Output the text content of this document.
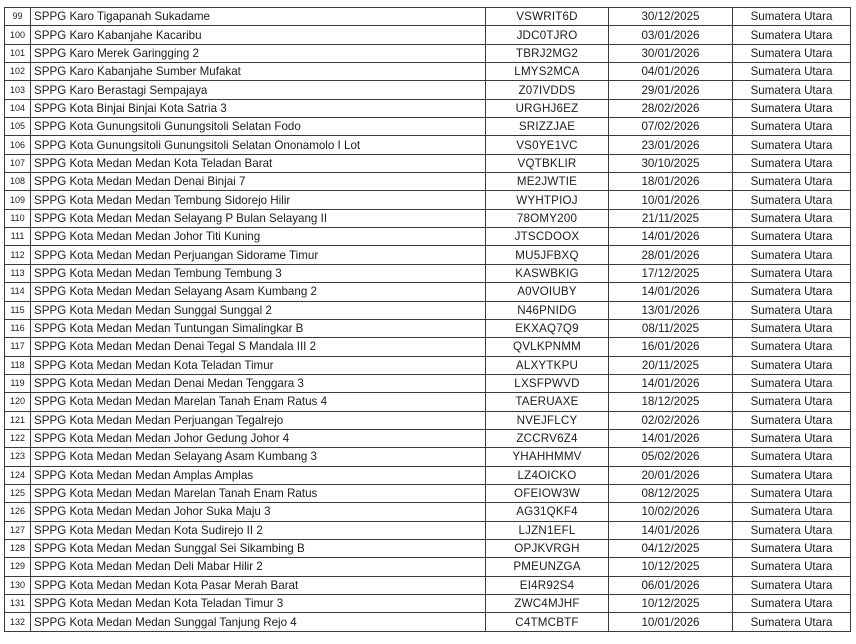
99	SPPG Karo Tigapanah Sukadame	VSWRIT6D	30/12/2025	Sumatera Utara
100	SPPG Karo Kabanjahe Kacaribu	JDC0TJRO	03/01/2026	Sumatera Utara
101	SPPG Karo Merek Garingging 2	TBRJ2MG2	30/01/2026	Sumatera Utara
102	SPPG Karo Kabanjahe Sumber Mufakat	LMYS2MCA	04/01/2026	Sumatera Utara
103	SPPG Karo Berastagi Sempajaya	Z07IVDDS	29/01/2026	Sumatera Utara
104	SPPG Kota Binjai Binjai Kota Satria 3	URGHJ6EZ	28/02/2026	Sumatera Utara
105	SPPG Kota Gunungsitoli Gunungsitoli Selatan Fodo	SRIZZJAE	07/02/2026	Sumatera Utara
106	SPPG Kota Gunungsitoli Gunungsitoli Selatan Ononamolo I Lot	VS0YE1VC	23/01/2026	Sumatera Utara
107	SPPG Kota Medan Medan Kota Teladan Barat	VQTBKLIR	30/10/2025	Sumatera Utara
108	SPPG Kota Medan Medan Denai Binjai 7	ME2JWTIE	18/01/2026	Sumatera Utara
109	SPPG Kota Medan Medan Tembung Sidorejo Hilir	WYHTPIOJ	10/01/2026	Sumatera Utara
110	SPPG Kota Medan Medan Selayang P Bulan Selayang II	78OMY200	21/11/2025	Sumatera Utara
111	SPPG Kota Medan Medan Johor Titi Kuning	JTSCDOOX	14/01/2026	Sumatera Utara
112	SPPG Kota Medan Medan Perjuangan Sidorame Timur	MU5JFBXQ	28/01/2026	Sumatera Utara
113	SPPG Kota Medan Medan Tembung Tembung 3	KASWBKIG	17/12/2025	Sumatera Utara
114	SPPG Kota Medan Medan Selayang Asam Kumbang 2	A0VOIUBY	14/01/2026	Sumatera Utara
115	SPPG Kota Medan Medan Sunggal Sunggal 2	N46PNIDG	13/01/2026	Sumatera Utara
116	SPPG Kota Medan Medan Tuntungan Simalingkar B	EKXAQ7Q9	08/11/2025	Sumatera Utara
117	SPPG Kota Medan Medan Denai Tegal S Mandala III 2	QVLKPNMM	16/01/2026	Sumatera Utara
118	SPPG Kota Medan Medan Kota Teladan Timur	ALXYTKPU	20/11/2025	Sumatera Utara
119	SPPG Kota Medan Medan Denai Medan Tenggara 3	LXSFPWVD	14/01/2026	Sumatera Utara
120	SPPG Kota Medan Medan Marelan Tanah Enam Ratus 4	TAERUAXE	18/12/2025	Sumatera Utara
121	SPPG Kota Medan Medan Perjuangan Tegalrejo	NVEJFLCY	02/02/2026	Sumatera Utara
122	SPPG Kota Medan Medan Johor Gedung Johor 4	ZCCRV6Z4	14/01/2026	Sumatera Utara
123	SPPG Kota Medan Medan Selayang Asam Kumbang 3	YHAHHMMV	05/02/2026	Sumatera Utara
124	SPPG Kota Medan Medan Amplas Amplas	LZ4OICKO	20/01/2026	Sumatera Utara
125	SPPG Kota Medan Medan Marelan Tanah Enam Ratus	OFEIOW3W	08/12/2025	Sumatera Utara
126	SPPG Kota Medan Medan Johor Suka Maju 3	AG31QKF4	10/02/2026	Sumatera Utara
127	SPPG Kota Medan Medan Kota Sudirejo II 2	LJZN1EFL	14/01/2026	Sumatera Utara
128	SPPG Kota Medan Medan Sunggal Sei Sikambing B	OPJKVRGH	04/12/2025	Sumatera Utara
129	SPPG Kota Medan Medan Deli Mabar Hilir 2	PMEUNZGA	10/12/2025	Sumatera Utara
130	SPPG Kota Medan Medan Kota Pasar Merah Barat	EI4R92S4	06/01/2026	Sumatera Utara
131	SPPG Kota Medan Medan Kota Teladan Timur 3	ZWC4MJHF	10/12/2025	Sumatera Utara
132	SPPG Kota Medan Medan Sunggal Tanjung Rejo 4	C4TMCBTF	10/01/2026	Sumatera Utara
